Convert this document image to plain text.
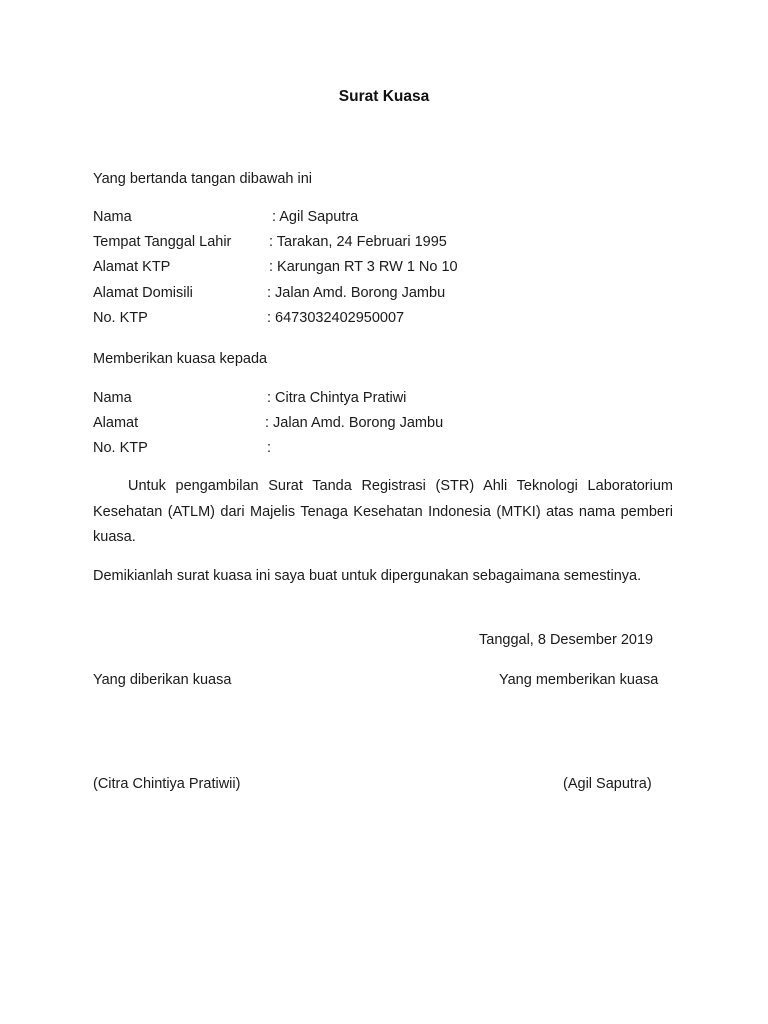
Surat Kuasa
Yang bertanda tangan dibawah ini
Nama	: Agil Saputra
Tempat Tanggal Lahir	: Tarakan, 24 Februari 1995
Alamat KTP	: Karungan RT 3 RW 1 No 10
Alamat Domisili	: Jalan Amd. Borong Jambu
No. KTP	: 6473032402950007
Memberikan kuasa kepada
Nama	: Citra Chintya Pratiwi
Alamat	: Jalan Amd. Borong Jambu
No. KTP	:
Untuk pengambilan Surat Tanda Registrasi (STR) Ahli Teknologi Laboratorium Kesehatan (ATLM) dari Majelis Tenaga Kesehatan Indonesia (MTKI) atas nama pemberi kuasa.
Demikianlah surat kuasa ini saya buat untuk dipergunakan sebagaimana semestinya.
Tanggal, 8 Desember 2019
Yang diberikan kuasa	Yang memberikan kuasa
(Citra Chintiya Pratiwii)	(Agil Saputra)
